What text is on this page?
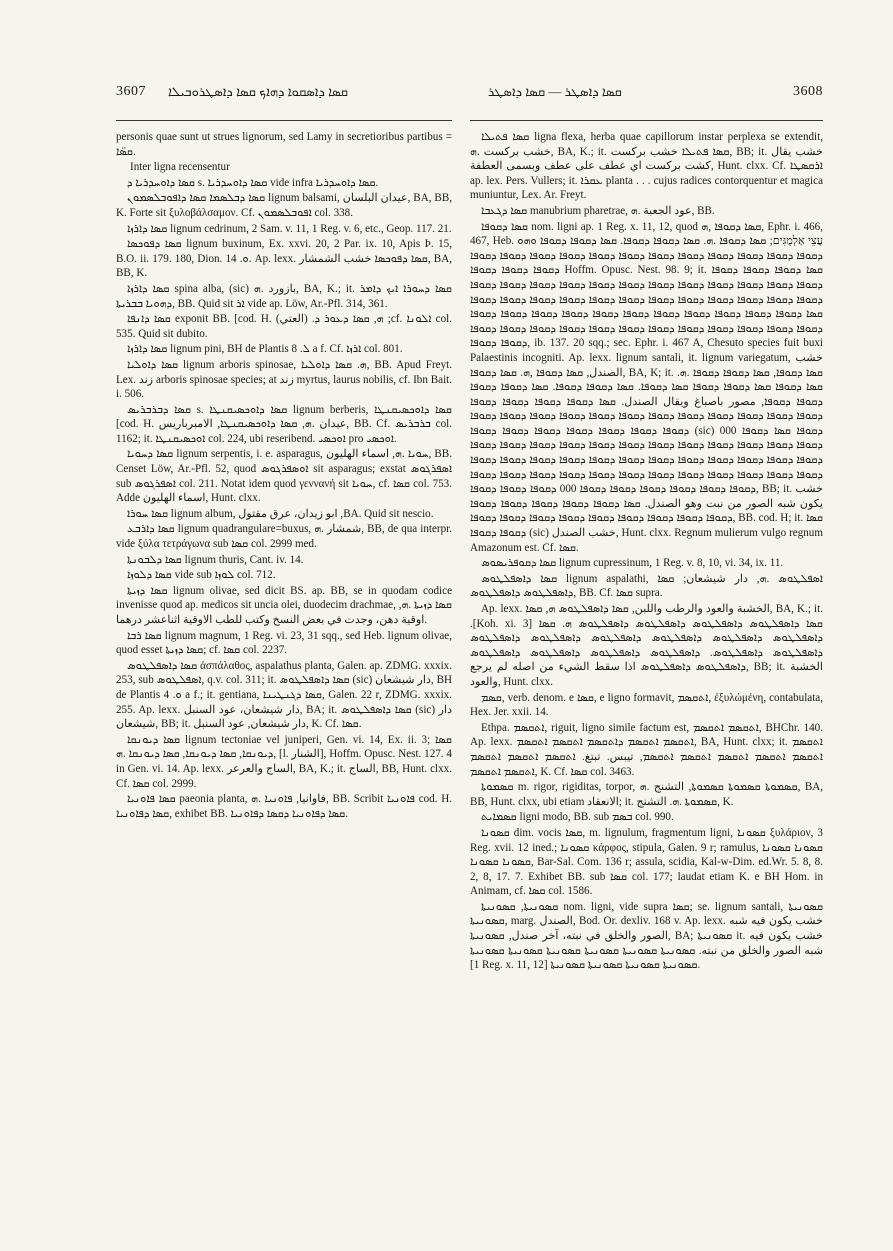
3607 ܩܣܐ ܕܐܣܩܘܐ ܕܗܐܟ ܩܣܐ ܕܐܣܛܪܘܒܝܠܐ	ܩܣܐ ܕܐܣܛܪ — ܩܣܐ ܕܐܣܛܪ	3608

personis quae sunt ut strues lignorum, sed Lamy in secretioribus partibus = ܩܣ̈ܐ.

Inter ligna recensentur

ܩܣܐ ܕܐܘܚܕܪܝܐ ܕ s. ܩܣܐ ܕܐܘܚܕܪܝܐ vide infra ܩܣܐ ܕܐܘܚܕܪܝܐ.

ܩܣܐ ܕܒܠܣܡܐ ܩܣܐ ܕܐܦܘܒܠܣܡܘܢ lignum balsami, عيدان البلسان, BA, BB, K. Forte sit ξυλοβάλσαμον. Cf. ܐܦܘܒܠܣܡܘܢ col. 338.

ܩܣܐ ܕܐܪܙܐ lignum cedrinum, 2 Sam. v. 11, 1 Reg. v. 6, etc., Geop. 117. 21.

ܩܣܐ ܕܦܘܟܣܐ lignum buxinum, Ex. xxvi. 20, 2 Par. ix. 10, Apis Ϸ. 15, B.O. ii. 179. 180, Dion. ܘ. 14. Ap. lexx. ܩܣܐ ܕܦܘܟܣܐ خشب الشمشار, BA, BB, K.

ܩܣܐ ܕܐܪܙܐ spina alba, (sic) بازورد .ܗ, BA, K.; it. ܩܣܐ ܕܚܘܪܐ ܐܝܟ ܕܐܡܪ ܕܗܘܝܐ ܒܒܪܝܬܐ, BB. Quid sit ܐܪ vide ap. Löw, Ar.-Pfl. 314, 361.

ܩܣܐ ܕܐܢܦܐ exponit BB. [cod. H. (العتي) .ܗ, ܩܣܐ ܕܥܘܪ ܕ ;cf. ܐܠܘܢܐ col. 535. Quid sit dubito.

ܩܣܐ ܕܐܪܙܐ lignum pini, BH de Plantis ܠ. 8 a f. Cf. ܐܪܙܐ col. 801.

ܩܣܐ ܕܐܘܠܝܐ lignum arboris spinosae, ܗ. ܩܣܐ ܕܐܘܠܝܐ, BB. Apud Freyt. Lex. زند arboris spinosae species; at زند myrtus, laurus nobilis, cf. Ibn Bait. i. 506.

ܩܣܐ ܕܒܪܒܪܝܣ s. ܩܣܐ ܕܐܘܟܣܝܩܢܛܐ lignum berberis, ܩܣܐ ܕܐܘܟܣܝܩܢܛܐ [cod. H. عيدان .ܗ, ܩܣܐ ܕܐܘܟܣܝܩܢܛܐ, الامبرباريس, BB. Cf. ܒܪܒܪܝܣ col. 1162; it. ܐܘܟܣܝܩܢܛܐ col. 224, ubi reseribend. ܐܘܟܣܝ pro ܐܘܟܣܝ.

ܩܣܐ ܕܚܘܝܐ lignum serpentis, i. e. asparagus, ܚܘܝܐ .ܗ, اسماء الهليون, BB. Censet Löw, Ar.-Pfl. 52, quod ܐܘܣܦܪܓܘܣ sit asparagus; exstat ܐܣܦܪܓܘܣ sub ܐܣܦܪܓܘܣ col. 211. Notat idem quod γεννανή sit ܚܘܝܐ, cf. ܩܣܐ col. 753. Adde اسماء الهليون, Hunt. clxx.

ܩܣܐ ܚܘܪܐ lignum album, ابو زيدان، عرق مقتول ,BA. Quid sit nescio.

ܩܣܐ ܕܐܪܒܥ lignum quadrangulare=buxus, شمشار .ܗ, BB, de qua interpr. vide ξύλα τετράγωνα sub ܩܣܐ col. 2999 med.

ܩܣܐ ܕܠܒܘܢܬܐ lignum thuris, Cant. iv. 14.

ܩܣܐ ܕܠܘܙܐ vide sub ܠܘܙܐ col. 712.

ܩܣܐ ܕܙܝܬܐ lignum olivae, sed dicit BS. ap. BB, se in quodam codice invenisse quod ap. medicos sit uncia olei, duodecim drachmae, ܩܣܐ ܕܙܝܬܐ .ܗ, اوقية دهن، وجدت في بعض النسخ وكتب للطب الاوقية اثناعشر درهما.

ܩܣܐ ܪܒܐ lignum magnum, 1 Reg. vi. 23, 31 sqq., sed Heb. lignum olivae, quod esset ܩܣܐ ܕܙܝܬܐ; cf. ܩܣܐ col. 2237.

ܩܣܐ ܕܐܣܦܠܛܘܣ ἀσπάλαθος, aspalathus planta, Galen. ap. ZDMG. xxxix. 253, sub ܐܣܦܠܛܘܣ, q.v. col. 311; it. ܩܣܐ ܕܐܣܦܠܛܘܣ (sic) دار شيشعان, BH de Plantis ܘ. 4 a f.; it. gentiana, ܩܣܐ ܕܓܢܛܝܢܐ, Galen. 22 r, ZDMG. xxxix. 255. Ap. lexx. دار شيشعان، عود السنبل, BA; it. ܩܣܐ ܕܐܣܦܠܛܘܣ (sic) دار شيشعان, BB; it. دار شيشعان, عود السنبل, K. Cf. ܩܣܐ.

ܩܣܐ ܕܝܘܢܩܐ lignum tectoniae vel juniperi, Gen. vi. 14, Ex. ii. 3; ܩܣܐ ܕܝܘܢܩܐ, ܩܣܐ ܕܝܘܢܩܐ, ܩܣܐ ܕܝܘܢܩܐ .ܗ, [l. الشنار], Hoffm. Opusc. Nest. 127. 4 in Gen. vi. 14. Ap. lexx. الساج والعرعر, BA, K.; it. الساج, BB, Hunt. clxx. Cf. ܩܣܐ col. 2999.

ܩܣܐ ܦܐܘܢܝܐ paeonia planta, فاوانيا, ܦܐܘܢܝܐ .ܗ, BB. Scribit ܦܐܘܢܝܐ cod. H. ܩܣܐ ܕܦܐܘܢܝܐ, exhibet BB. ܩܣܐ ܕܦܐܘܢܝܐ ܕܩܣܐ ܕܦܐܘܢܝܐ.

ܩܣܐ ܦܬܝܠܐ ligna flexa, herba quae capillorum instar perplexa se extendit, خشب بركست .ܗ, BA, K.; it. ܩܣܐ ܦܬܝܠܐ خشب بركست, BB; it. خشب يقال كشت بركست اي عطف على عطف وبسمى العطفة, Hunt. clxx. Cf. ܐܪܩܣܛܐ ap. lex. Pers. Vullers; it. ܥܩܪܐ planta . . . cujus radices contorquentur et magica muniuntur, Lex. Ar. Freyt.

ܩܣܐ ܕܓܥܒܐ manubrium pharetrae, عود الجعبة .ܗ, BB.

ܩܣܐ ܕܩܘܦܐ nom. ligni ap. 1 Reg. x. 11, 12, quod ܩܣܐ ܕܩܘܦܐ ,ܗ, Ephr. i. 466, 467, Heb. עֲצֵי אַלְמֻגִּים; ܩܣܐ ܕܩܘܦܐ .ܗ. ܩܣܐ ܕܩܘܦܐ ܕܩܘܦܐ. ܩܣܐ ܕܩܘܦܐ ܕܩܘܦܐ ܘܗܘ ܕܩܘܦܐ ܕܩܘܦܐ ܕܩܘܦܐ ܕܩܘܦܐ ܕܩܘܦܐ ܕܩܘܦܐ ܕܩܘܦܐ ܕܩܘܦܐ ܕܩܘܦܐ ܕܩܘܦܐ ܕܩܘܦܐ ܕܩܘܦܐ ܕܩܘܦܐ ܕܩܘܦܐ ܕܩܘܦܐ Hoffm. Opusc. Nest. 98. 9; it. ܩܣܐ ܕܩܘܦܐ ܕܩܘܦܐ ܕܩܘܦܐ ܕܩܘܦܐ ܕܩܘܦܐ ܕܩܘܦܐ ܕܩܘܦܐ ܕܩܘܦܐ ܕܩܘܦܐ ܕܩܘܦܐ ܕܩܘܦܐ ܕܩܘܦܐ ܕܩܘܦܐ ܕܩܘܦܐ ܕܩܘܦܐ ܕܩܘܦܐ ܕܩܘܦܐ ܕܩܘܦܐ ܕܩܘܦܐ ܕܩܘܦܐ ܕܩܘܦܐ ܕܩܘܦܐ ܕܩܘܦܐ ܕܩܘܦܐ ܕܩܘܦܐ ܕܩܘܦܐ ܕܩܘܦܐ ܩܣܐ ܕܩܘܦܐ ܕܩܘܦܐ ܕܩܘܦܐ ܕܩܘܦܐ ܕܩܘܦܐ ܕܩܘܦܐ ܕܩܘܦܐ ܕܩܘܦܐ ܕܩܘܦܐ ܕܩܘܦܐ ܕܩܘܦܐ ܕܩܘܦܐ ܕܩܘܦܐ ܕܩܘܦܐ ܕܩܘܦܐ ܕܩܘܦܐ ܕܩܘܦܐ ܕܩܘܦܐ ܕܩܘܦܐ ܕܩܘܦܐ ܕܩܘܦܐ ܕܩܘܦܐ ܕܩܘܦܐ ܕܩܘܦܐ ܕܩܘܦܐ, ib. 137. 20 sqq.; sec. Ephr. i. 467 A, Chesuto species fuit buxi Palaestinis incogniti. Ap. lexx. lignum santali, it. lignum variegatum, خشب الصندل, ܩܣܐ ܕܩܘܦܐ ,ܗ. ܩܣܐ ܕܩܘܦܐ, BA, K; it. ܩܣܐ ܕܩܘܦܐ, ܩܣܐ ܕܩܘܦܐ ܕܩܘܦܐ .ܗ. ܩܣܐ ܕܩܘܦܐ ܩܣܐ ܕܩܘܦܐ ܕܩܘܦܐ ܩܣܐ ܕܩܘܦܐ. ܩܣܐ ܕܩܘܦܐ ܕܩܘܦܐ. ܩܣܐ ܕܩܘܦܐ ܕܩܘܦܐ ܕܩܘܦܐ ܕܩܘܦܐ, مصور باصباغ ويقال الصندل. ܩܣܐ ܕܩܘܦܐ ܕܩܘܦܐ ܕܩܘܦܐ ܕܩܘܦܐ ܕܩܘܦܐ ܕܩܘܦܐ ܕܩܘܦܐ ܕܩܘܦܐ ܕܩܘܦܐ ܕܩܘܦܐ ܕܩܘܦܐ ܕܩܘܦܐ ܕܩܘܦܐ ܕܩܘܦܐ ܕܩܘܦܐ ܕܩܘܦܐ ܕܩܘܦܐ ܕܩܘܦܐ ܕܩܘܦܐ ܕܩܘܦܐ ܕܩܘܦܐ ܕܩܘܦܐ ܕܩܘܦܐ (sic) ܕܩܘܦܐ ܩܣܐ ܕܩܘܦܐ 000 ܕܩܘܦܐ ܕܩܘܦܐ ܕܩܘܦܐ ܕܩܘܦܐ ܕܩܘܦܐ ܕܩܘܦܐ ܕܩܘܦܐ ܕܩܘܦܐ ܕܩܘܦܐ ܕܩܘܦܐ ܕܩܘܦܐ ܕܩܘܦܐ ܕܩܘܦܐ ܕܩܘܦܐ ܕܩܘܦܐ ܕܩܘܦܐ ܕܩܘܦܐ ܕܩܘܦܐ ܕܩܘܦܐ ܕܩܘܦܐ ܕܩܘܦܐ ܕܩܘܦܐ ܕܩܘܦܐ ܕܩܘܦܐ ܕܩܘܦܐ ܕܩܘܦܐ ܕܩܘܦܐ ܕܩܘܦܐ ܕܩܘܦܐ ܕܩܘܦܐ ܕܩܘܦܐ ܕܩܘܦܐ ܕܩܘܦܐ ܕܩܘܦܐ ܕܩܘܦܐ ܕܩܘܦܐ ܕܩܘܦܐ ܕܩܘܦܐ ܕܩܘܦܐ ܕܩܘܦܐ ܕܩܘܦܐ ܕܩܘܦܐ 000 ܕܩܘܦܐ ܕܩܘܦܐ ܕܩܘܦܐ, BB; it. خشب يكون شبه الصور من نبت وهو الصندل. ܩܣܐ ܕܩܘܦܐ ܕܩܘܦܐ ܕܩܘܦܐ ܕܩܘܦܐ ܕܩܘܦܐ ܕܩܘܦܐ ܕܩܘܦܐ ܕܩܘܦܐ ܕܩܘܦܐ ܕܩܘܦܐ ܕܩܘܦܐ ܕܩܘܦܐ ܕܩܘܦܐ ܕܩܘܦܐ, BB. cod. H; it. ܩܣܐ ܕܩܘܦܐ ܕܩܘܦܐ (sic) خشب الصندل, Hunt. clxx. Regnum mulierum vulgo regnum Amazonum est. Cf. ܩܣܐ.

ܩܣܐ ܕܩܘܦܪܝܣܘܣ lignum cupressinum, 1 Reg. v. 8, 10, vi. 34, ix. 11.

ܩܣܐ ܕܐܣܦܠܛܘܣ lignum aspalathi, ܐܣܦܠܛܘܣ .ܗ, دار شيشعان; ܩܣܐ ܕܐܣܦܠܛܘܣ ܕܐܣܦܠܛܘܣ, BB. Cf. ܩܣܐ supra.

Ap. lexx. الخشبة والعود والرطب واللبن, ܩܣܐ ܕܐܣܦܠܛܘܣ ܗ, ܩܣܐ, BA, K.; it. .[Koh. xi. 3] ܩܣܐ ܕܐܣܦܠܛܘܣ ܕܐܣܦܠܛܘܣ ܕܐܣܦܠܛܘܣ ܕܐܣܦܠܛܘܣ ܗ. ܩܣܐ ܕܐܣܦܠܛܘܣ ܕܐܣܦܠܛܘܣ ܕܐܣܦܠܛܘܣ ܕܐܣܦܠܛܘܣ ܕܐܣܦܠܛܘܣ ܕܐܣܦܠܛܘܣ ܕܐܣܦܠܛܘܣ ܕܐܣܦܠܛܘܣ. ܕܐܣܦܠܛܘܣ ܕܐܣܦܠܛܘܣ ܕܐܣܦܠܛܘܣ ܕܐܣܦܠܛܘܣ ܕܐܣܦܠܛܘܣ ܕܐܣܦܠܛܘܣ اذا سقط الشيء من اصله لم يرجع, BB; it. الخشبة والعود, Hunt. clxx.

ܩܣܡ, verb. denom. e ܩܣܐ, e ligno formavit, ܐܬܩܣܡ, ἐξυλώμένη, contabulata, Hex. Jer. xxii. 14.

Ethpa. ܐܬܩܣܡ, riguit, ligno simile factum est, ܐܬܩܣܡ ܐܬܩܣܡ, BHChr. 140. Ap. lexx. ܐܬܩܣܡ ܐܬܩܣܡ ܕܐܬܩܣܡ ܐܬܩܣܡ ܐܬܩܣܡ, BA, Hunt. clxx; it. ܐܬܩܣܡ ܐܬܩܣܡ ܐܬܩܣܡ ܐܬܩܣܡ ܐܬܩܣܡ ܐܬܩܣܡ, تيبس. تبتغ. ܐܬܩܣܡ ܐܬܩܣܡ ܐܬܩܣܡ ܐܬܩܣܡ ܐܬܩܣܡ, K. Cf. ܩܣܐ col. 3463.

ܩܣܡܘܬܐ m. rigor, rigiditas, torpor, ܩܣܡܘܬܐ ܩܣܡܘܬܐ ܩܣܡܘܬܐ, التشنج .ܗ, BA, BB, Hunt. clxx, ubi etiam الانعقاد; it. ܩܣܡܘܬܐ .ܗ. التشنج, K.

ܩܣܡܐܝܬ ligni modo, BB. sub ܒܣܡ col. 990.

ܩܣܘܢܐ dim. vocis ܩܣܐ, m. lignulum, fragmentum ligni, ܩܣܘܢܐ ξυλάριον, 3 Reg. xvii. 12 ined.; ܩܣܘܢܐ κάρφος, stipula, Galen. 9 r; ramulus, ܩܣܘܢܐ ܩܣܘܢܐ ܩܣܘܢܐ ܩܣܘܢܐ, Bar-Sal. Com. 136 r; assula, scidia, Kal-w-Dim. ed.Wr. 5. 8, 8. 2, 8, 17. 7. Exhibet BB. sub ܩܣܐ col. 177; laudat etiam K. e BH Hom. in Animam, cf. ܩܣܐ col. 1586.

ܩܣܘܢܝܬܐ, ܩܣܘܢܝܬܐ nom. ligni, vide supra ܩܣܐ; se. lignum santali, ܩܣܘܢܝܬܐ ܩܣܘܢܝܬܐ, marg. الصندل, Bod. Or. dexliv. 168 v. Ap. lexx. خشب يكون فيه شبه الصور والخلق في نبته، آخر صندل, ܩܣܘܢܝܬܐ, BA; ܩܣܘܢܝܬܐ it. خشب يكون فيه شبه الصور والخلق من نبته. ܩܣܘܢܝܬܐ ܩܣܘܢܝܬܐ ܩܣܘܢܝܬܐ ܩܣܘܢܝܬܐ ܩܣܘܢܝܬܐ ܩܣܘܢܝܬܐ [1 Reg. x. 11, 12] ܩܣܘܢܝܬܐ ܩܣܘܢܝܬܐ ܩܣܘܢܝܬܐ ܩܣܘܢܝܬܐ.
